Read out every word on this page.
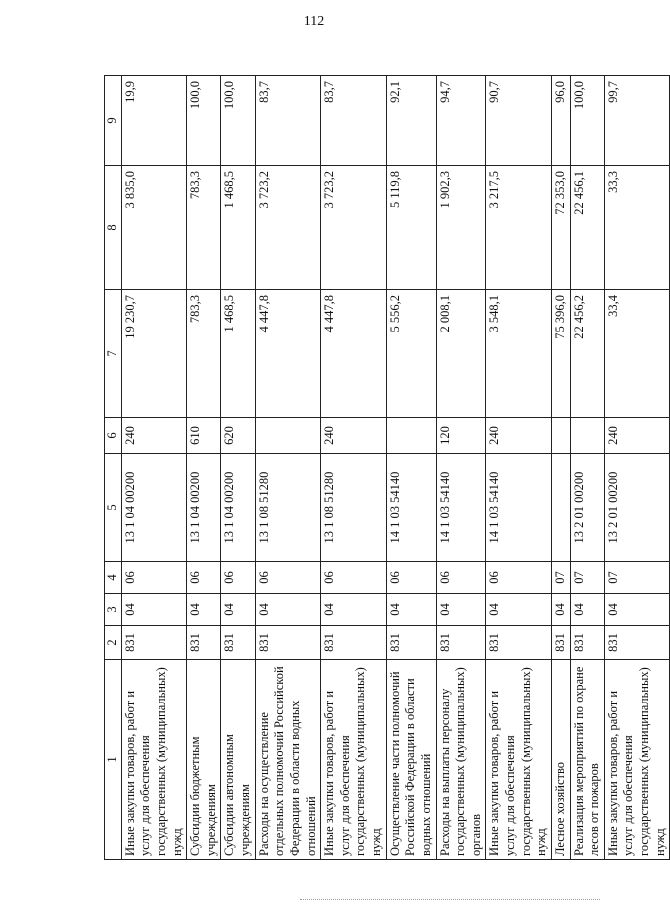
112
1	2	3	4	5	6	7	8	9
Иные закупки товаров, работ и услуг для обеспечения государственных (муниципальных) нужд	831	04	06	13 1 04 00200	240	19 230,7	3 835,0	19,9
Субсидии бюджетным учреждениям	831	04	06	13 1 04 00200	610	783,3	783,3	100,0
Субсидии автономным учреждениям	831	04	06	13 1 04 00200	620	1 468,5	1 468,5	100,0
Расходы на осуществление отдельных полномочий Российской Федерации в области водных отношений	831	04	06	13 1 08 51280		4 447,8	3 723,2	83,7
Иные закупки товаров, работ и услуг для обеспечения государственных (муниципальных) нужд	831	04	06	13 1 08 51280	240	4 447,8	3 723,2	83,7
Осуществление части полномочий Российской Федерации в области водных отношений	831	04	06	14 1 03 54140		5 556,2	5 119,8	92,1
Расходы на выплаты персоналу государственных (муниципальных) органов	831	04	06	14 1 03 54140	120	2 008,1	1 902,3	94,7
Иные закупки товаров, работ и услуг для обеспечения государственных (муниципальных) нужд	831	04	06	14 1 03 54140	240	3 548,1	3 217,5	90,7
Лесное хозяйство	831	04	07			75 396,0	72 353,0	96,0
Реализация мероприятий по охране лесов от пожаров	831	04	07	13 2 01 00200		22 456,2	22 456,1	100,0
Иные закупки товаров, работ и услуг для обеспечения государственных (муниципальных) нужд	831	04	07	13 2 01 00200	240	33,4	33,3	99,7
